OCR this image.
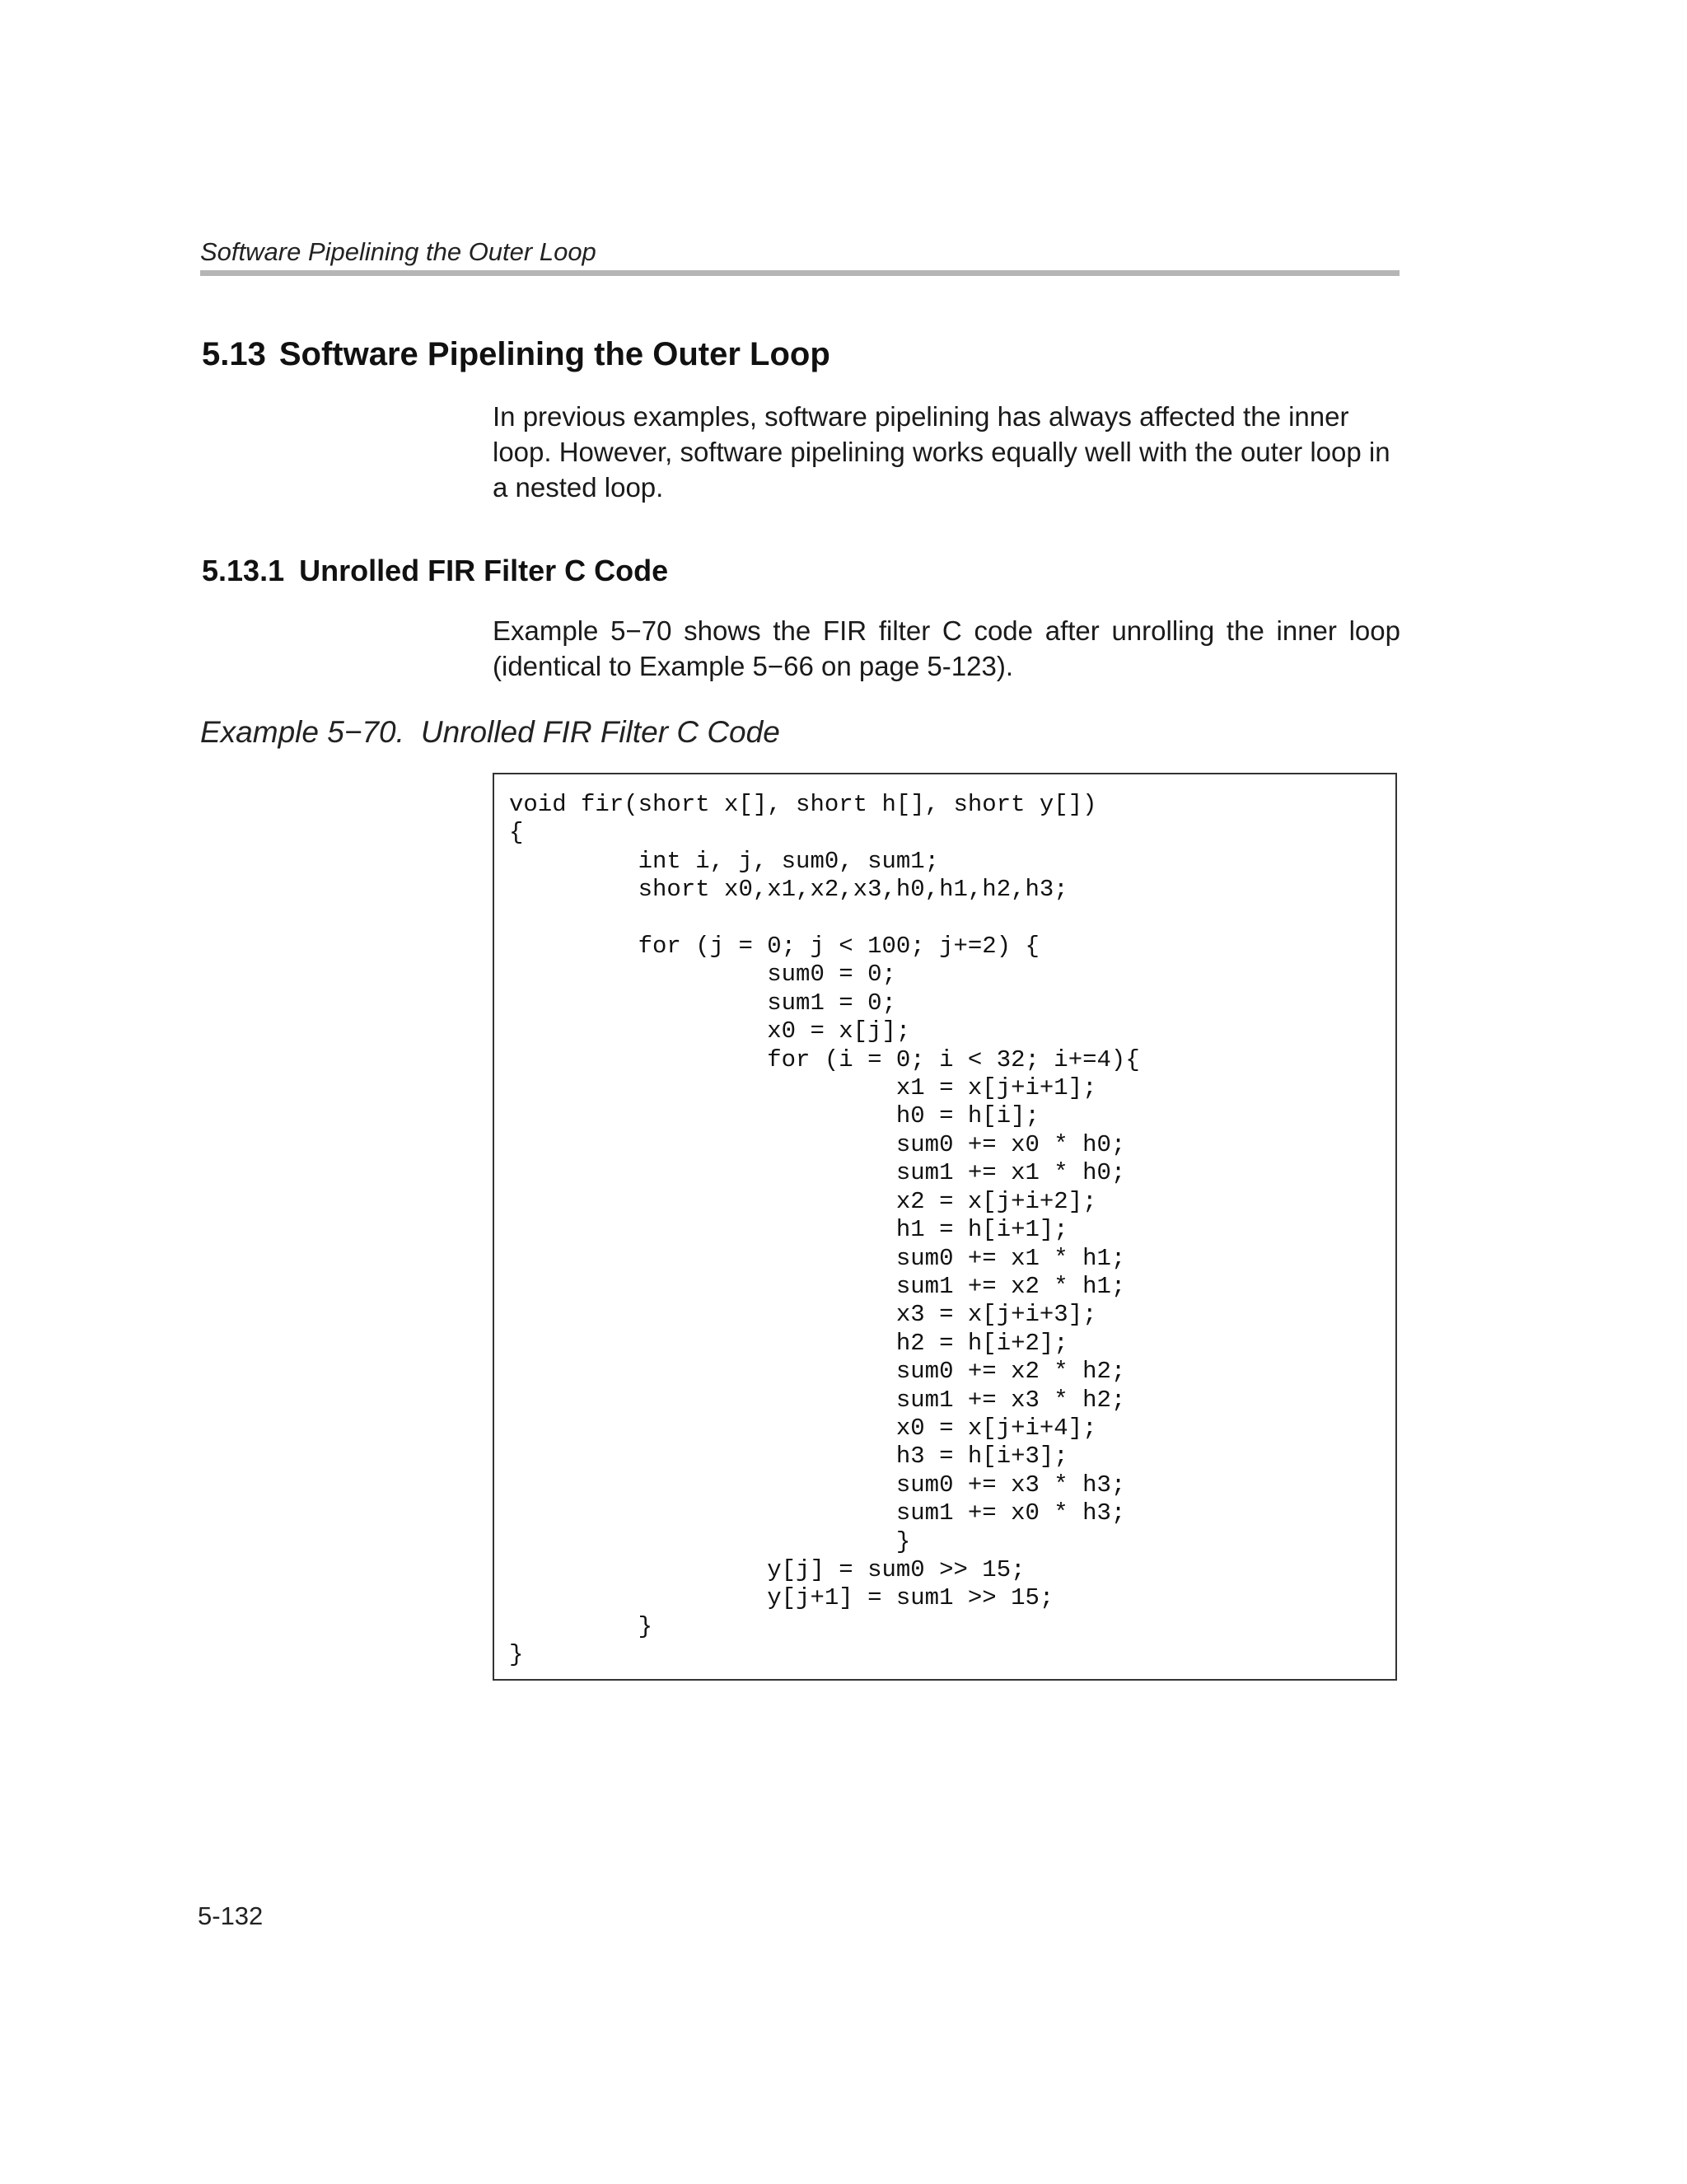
Software Pipelining the Outer Loop
5.13 Software Pipelining the Outer Loop

In previous examples, software pipelining has always affected the inner loop. However, software pipelining works equally well with the outer loop in a nested loop.

5.13.1 Unrolled FIR Filter C Code

Example 5−70 shows the FIR filter C code after unrolling the inner loop (identical to Example 5−66 on page 5-123).

Example 5−70. Unrolled FIR Filter C Code
void fir(short x[], short h[], short y[])
{
int i, j, sum0, sum1;
short x0,x1,x2,x3,h0,h1,h2,h3;

for (j = 0; j < 100; j+=2) {
sum0 = 0;
sum1 = 0;
x0 = x[j];
for (i = 0; i < 32; i+=4){
x1 = x[j+i+1];
h0 = h[i];
sum0 += x0 * h0;
sum1 += x1 * h0;
x2 = x[j+i+2];
h1 = h[i+1];
sum0 += x1 * h1;
sum1 += x2 * h1;
x3 = x[j+i+3];
h2 = h[i+2];
sum0 += x2 * h2;
sum1 += x3 * h2;
x0 = x[j+i+4];
h3 = h[i+3];
sum0 += x3 * h3;
sum1 += x0 * h3;
}
y[j] = sum0 >> 15;
y[j+1] = sum1 >> 15;
}
}
5-132
